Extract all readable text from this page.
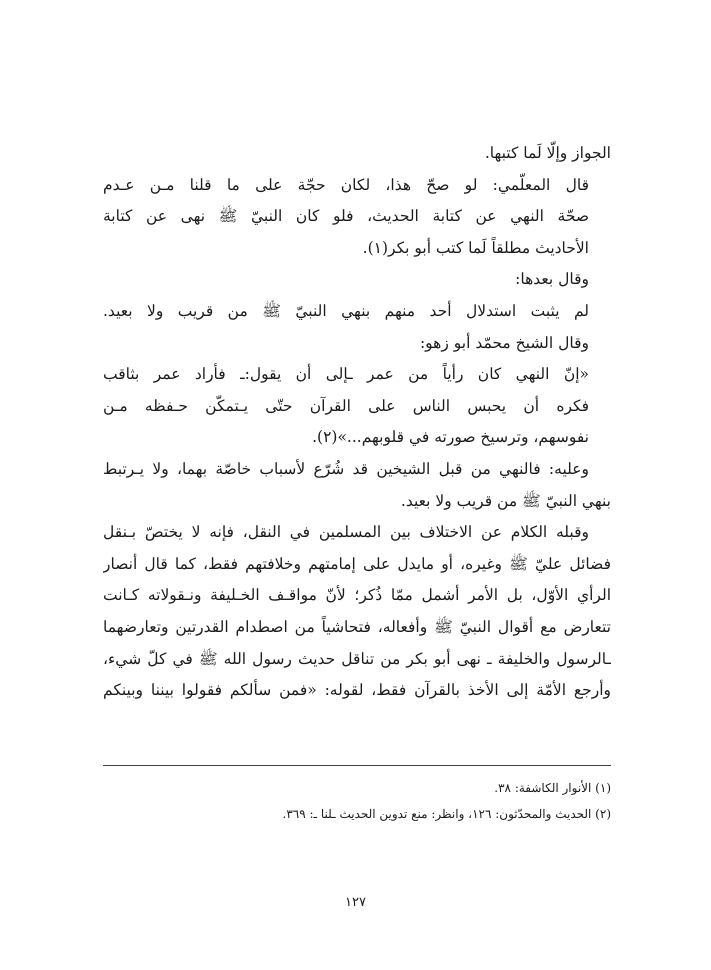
الجواز وإلّا لَما كتبها.
قال المعلّمي: لو صحّ هذا، لكان حجّة على ما قلنا مـن عـدم
صحّة النهي عن كتابة الحديث، فلو كان النبيّ ﷺ نهى عن كتابة
الأحاديث مطلقاً لَما كتب أبو بكر(١).
وقال بعدها:
لم يثبت استدلال أحد منهم بنهي النبيّ ﷺ من قريب ولا بعيد.
وقال الشيخ محمّد أبو زهو:
«إنّ النهي كان رأياً من عمر ـإلى أن يقول:ـ فأراد عمر بثاقب
فكره أن يحبس الناس على القرآن حتّى يـتمكّن حـفظه مـن
نفوسهم، وترسيخ صورته في قلوبهم...»(٢).
وعليه: فالنهي من قبل الشيخين قد شُرّع لأسباب خاصّة بهما، ولا يـرتبط
بنهي النبيّ ﷺ من قريب ولا بعيد.
وقبله الكلام عن الاختلاف بين المسلمين في النقل، فإنه لا يختصّ بـنقل
فضائل عليّ ﷺ وغيره، أو مايدل على إمامتهم وخلافتهم فقط، كما قال أنصار
الرأي الأوّل، بل الأمر أشمل ممّا ذُكر؛ لأنّ مواقـف الخـليفة ونـقولاته كـانت
تتعارض مع أقوال النبيّ ﷺ وأفعاله، فتحاشياً من اصطدام القدرتين وتعارضهما
ـالرسول والخليفة ـ نهى أبو بكر من تناقل حديث رسول الله ﷺ في كلّ شيء،
وأرجع الأمّة إلى الأخذ بالقرآن فقط، لقوله: «فمن سألكم فقولوا بيننا وبينكم
(١) الأنوار الكاشفة: ٣٨.
(٢) الحديث والمحدّثون: ١٢٦، وانظر: منع تدوين الحديث ـلنا ـ: ٣٦٩.
١٢٧
